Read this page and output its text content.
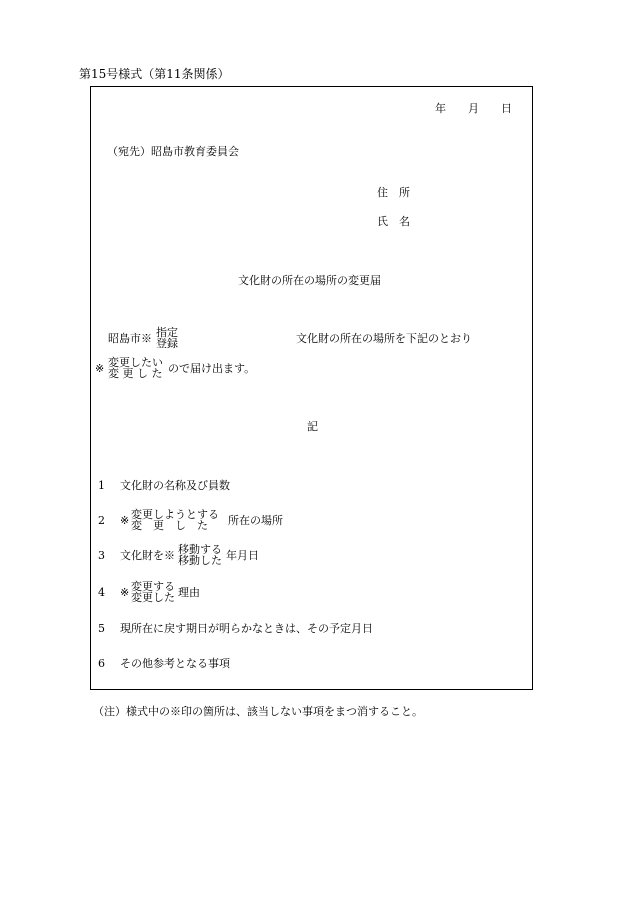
第15号様式（第11条関係）
年　　月　　日
（宛先）昭島市教育委員会
住　所
氏　名
文化財の所在の場所の変更届
昭島市※ 指定
登録	文化財の所在の場所を下記のとおり
※ 変更したい
変 更 し た ので届け出ます。
記
1 文化財の名称及び員数
2 ※ 変更しようとする
変　更　し　た	所在の場所
3 文化財を※ 移動する
移動した 年月日
4 ※ 変更する
変更した 理由
5 現所在に戻す期日が明らかなときは、その予定月日
6 その他参考となる事項
（注）様式中の※印の箇所は、該当しない事項をまつ消すること。
